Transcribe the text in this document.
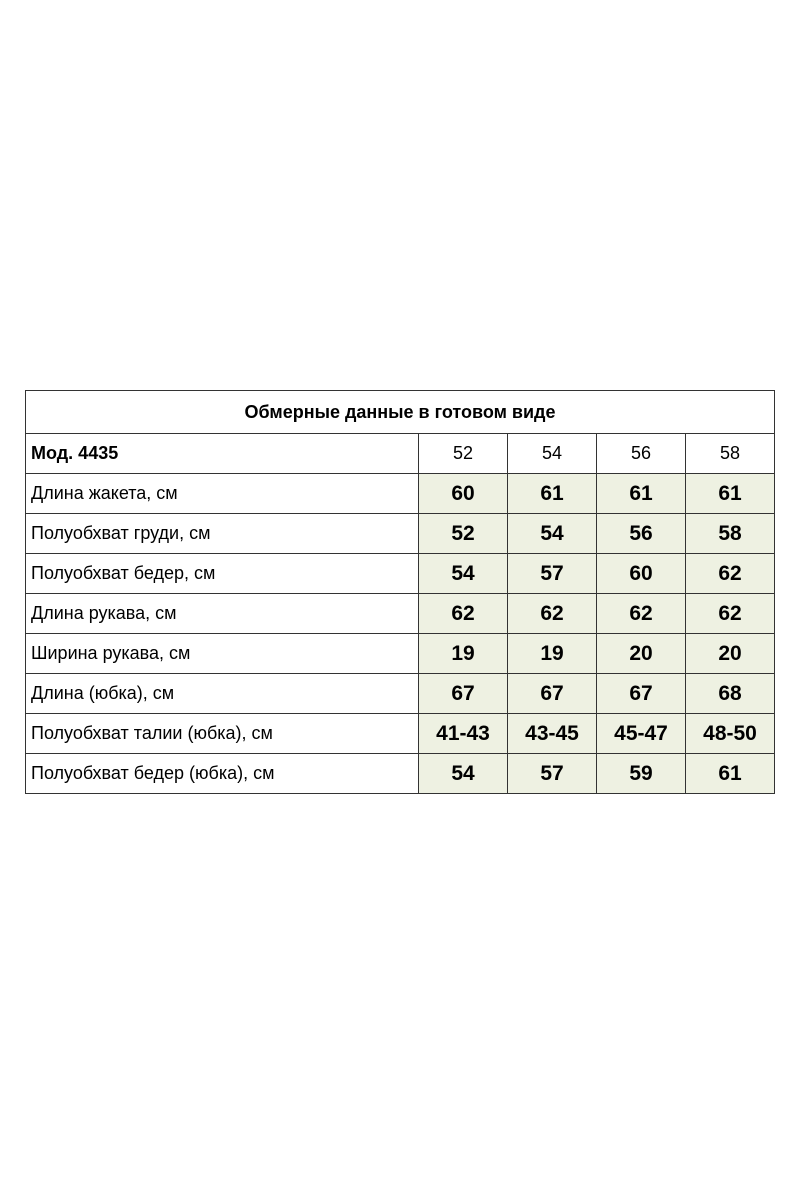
Обмерные данные в готовом виде				
Мод. 4435	52	54	56	58
Длина жакета, см	60	61	61	61
Полуобхват груди, см	52	54	56	58
Полуобхват бедер, см	54	57	60	62
Длина рукава, см	62	62	62	62
Ширина рукава, см	19	19	20	20
Длина (юбка), см	67	67	67	68
Полуобхват талии (юбка), см	41-43	43-45	45-47	48-50
Полуобхват бедер (юбка), см	54	57	59	61
